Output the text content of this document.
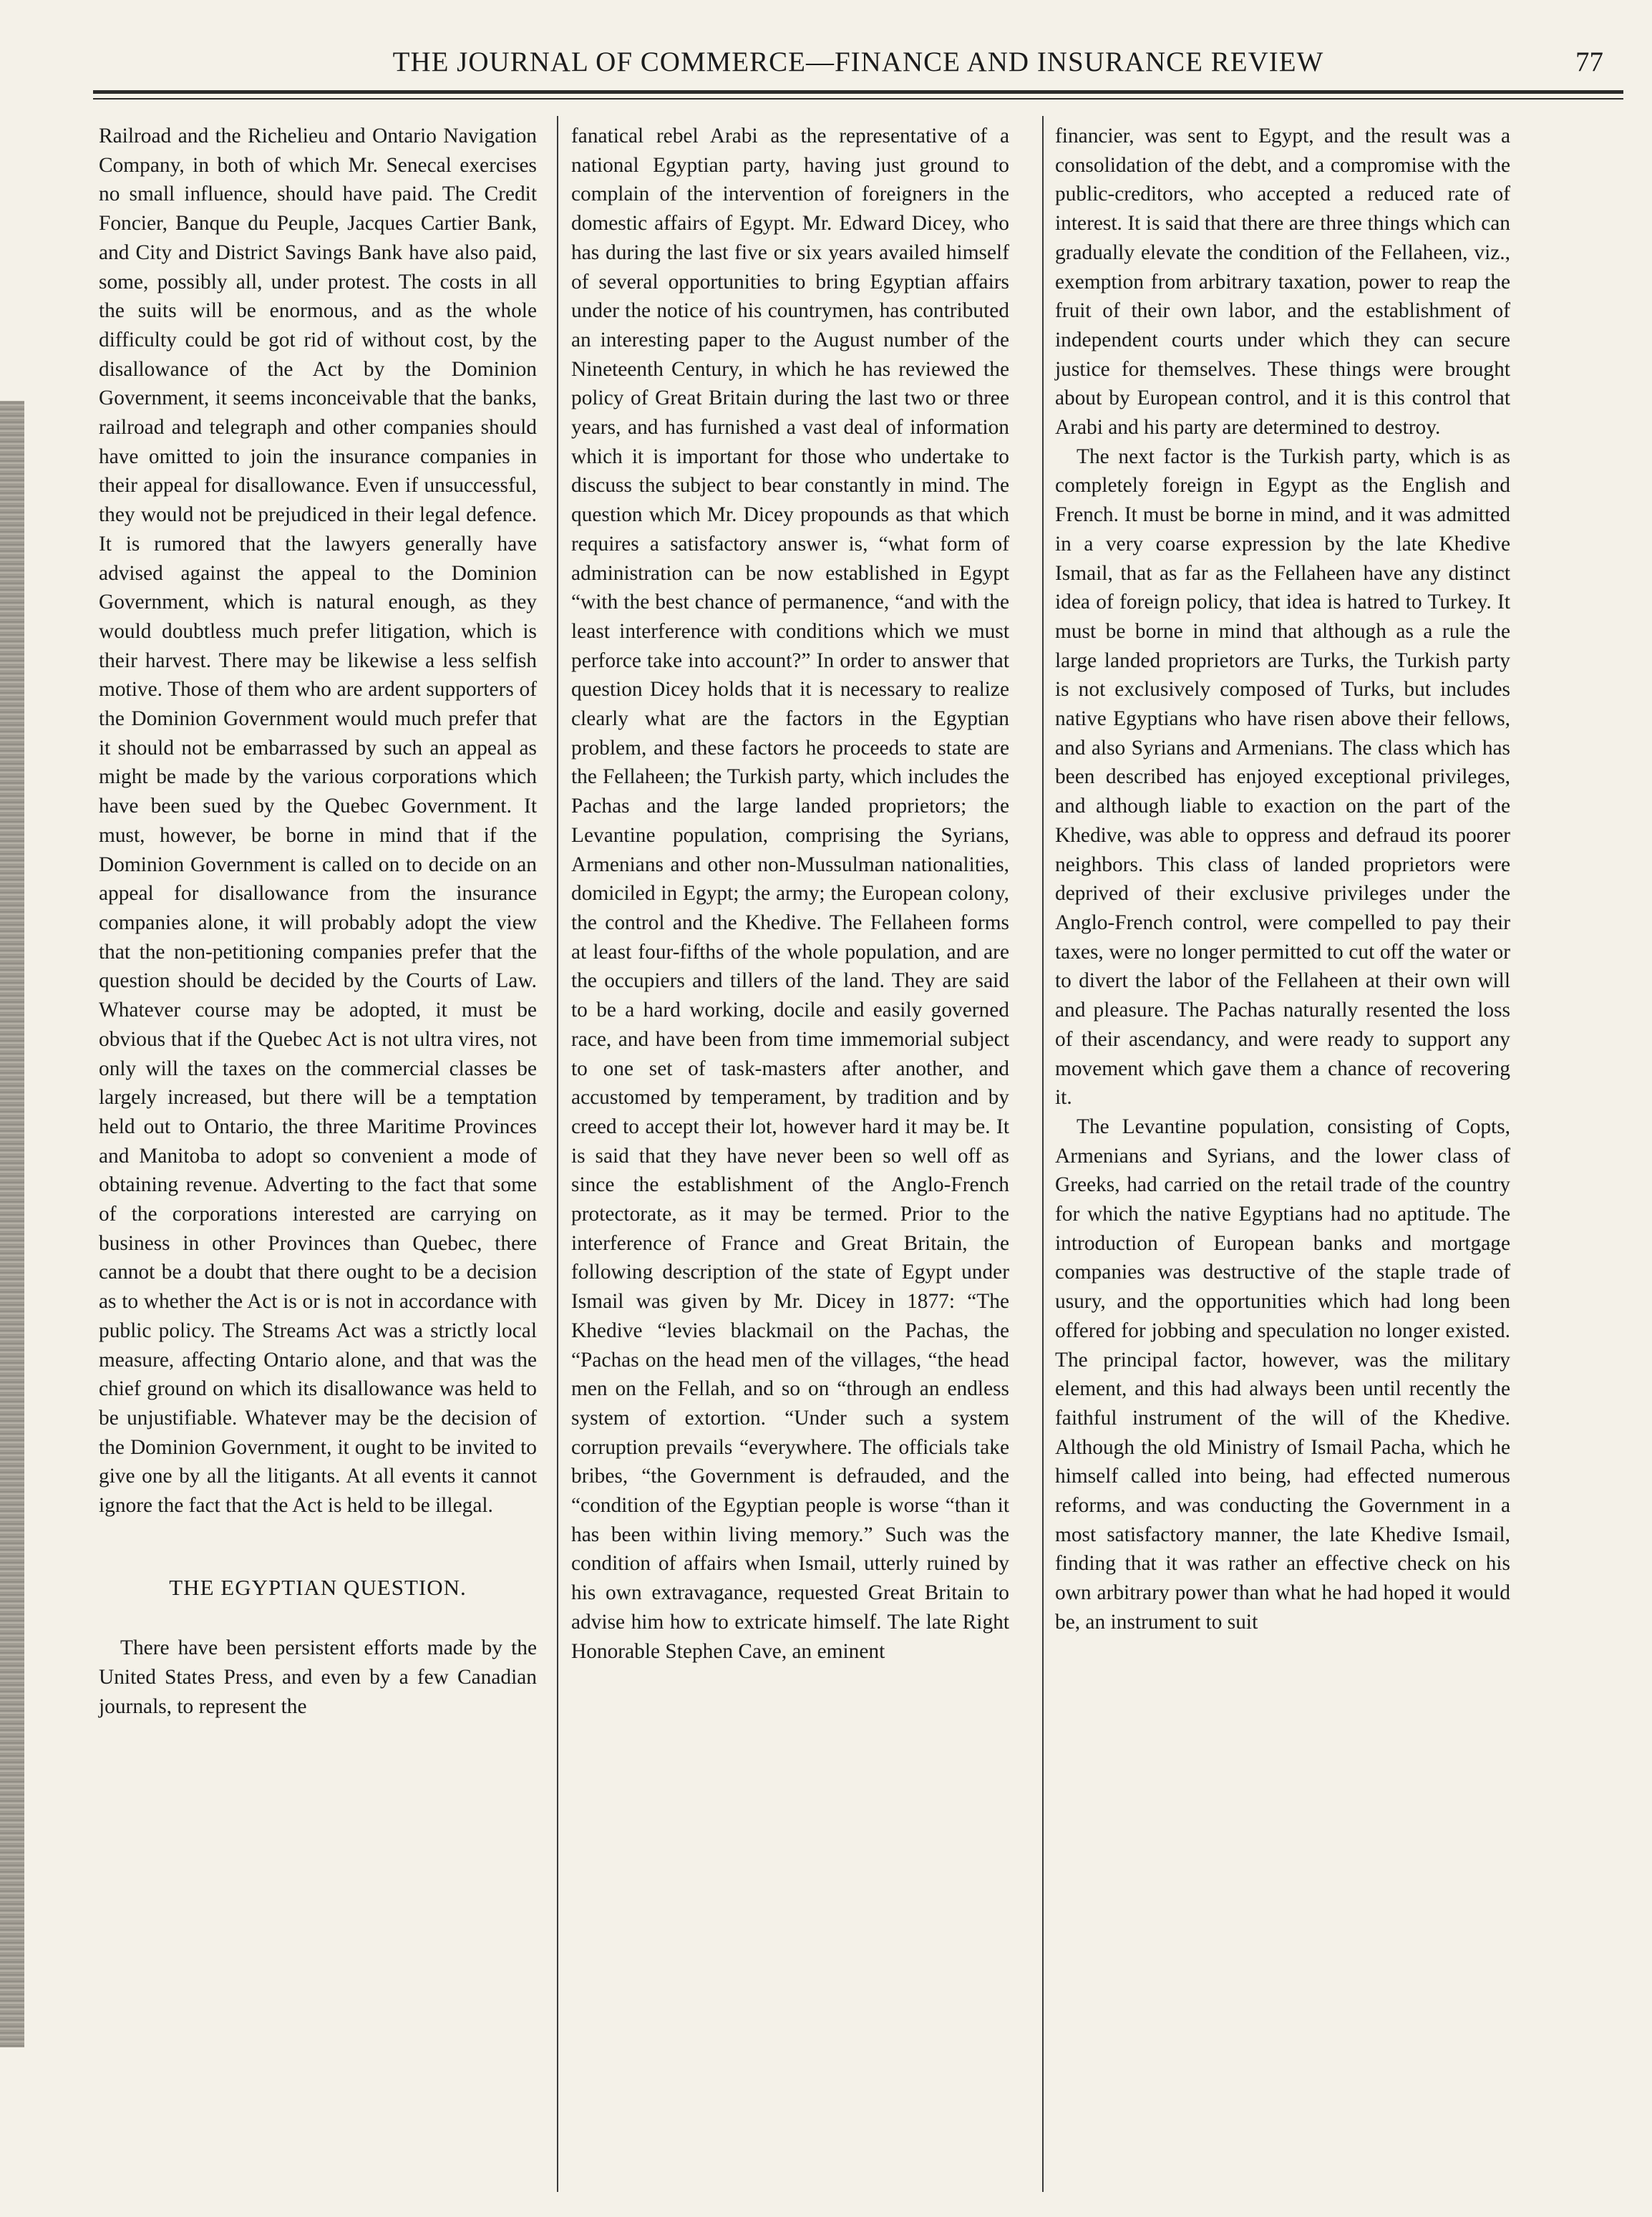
THE JOURNAL OF COMMERCE—FINANCE AND INSURANCE REVIEW	77

Railroad and the Richelieu and Ontario Navigation Company, in both of which Mr. Senecal exercises no small influence, should have paid. The Credit Foncier, Banque du Peuple, Jacques Cartier Bank, and City and District Savings Bank have also paid, some, possibly all, under protest. The costs in all the suits will be enormous, and as the whole difficulty could be got rid of without cost, by the disallowance of the Act by the Dominion Government, it seems inconceivable that the banks, railroad and telegraph and other companies should have omitted to join the insurance companies in their appeal for disallowance. Even if unsuccessful, they would not be prejudiced in their legal defence. It is rumored that the lawyers generally have advised against the appeal to the Dominion Government, which is natural enough, as they would doubtless much prefer litigation, which is their harvest. There may be likewise a less selfish motive. Those of them who are ardent supporters of the Dominion Government would much prefer that it should not be embarrassed by such an appeal as might be made by the various corporations which have been sued by the Quebec Government. It must, however, be borne in mind that if the Dominion Government is called on to decide on an appeal for disallowance from the insurance companies alone, it will probably adopt the view that the non-petitioning companies prefer that the question should be decided by the Courts of Law. Whatever course may be adopted, it must be obvious that if the Quebec Act is not ultra vires, not only will the taxes on the commercial classes be largely increased, but there will be a temptation held out to Ontario, the three Maritime Provinces and Manitoba to adopt so convenient a mode of obtaining revenue. Adverting to the fact that some of the corporations interested are carrying on business in other Provinces than Quebec, there cannot be a doubt that there ought to be a decision as to whether the Act is or is not in accordance with public policy. The Streams Act was a strictly local measure, affecting Ontario alone, and that was the chief ground on which its disallowance was held to be unjustifiable. Whatever may be the decision of the Dominion Government, it ought to be invited to give one by all the litigants. At all events it cannot ignore the fact that the Act is held to be illegal.

THE EGYPTIAN QUESTION.

There have been persistent efforts made by the United States Press, and even by a few Canadian journals, to represent the

fanatical rebel Arabi as the representative of a national Egyptian party, having just ground to complain of the intervention of foreigners in the domestic affairs of Egypt. Mr. Edward Dicey, who has during the last five or six years availed himself of several opportunities to bring Egyptian affairs under the notice of his countrymen, has contributed an interesting paper to the August number of the Nineteenth Century, in which he has reviewed the policy of Great Britain during the last two or three years, and has furnished a vast deal of information which it is important for those who undertake to discuss the subject to bear constantly in mind. The question which Mr. Dicey propounds as that which requires a satisfactory answer is, “what form of administration can be now established in Egypt “with the best chance of permanence, “and with the least interference with conditions which we must perforce take into account?” In order to answer that question Dicey holds that it is necessary to realize clearly what are the factors in the Egyptian problem, and these factors he proceeds to state are the Fellaheen; the Turkish party, which includes the Pachas and the large landed proprietors; the Levantine population, comprising the Syrians, Armenians and other non-Mussulman nationalities, domiciled in Egypt; the army; the European colony, the control and the Khedive. The Fellaheen forms at least four-fifths of the whole population, and are the occupiers and tillers of the land. They are said to be a hard working, docile and easily governed race, and have been from time immemorial subject to one set of task-masters after another, and accustomed by temperament, by tradition and by creed to accept their lot, however hard it may be. It is said that they have never been so well off as since the establishment of the Anglo-French protectorate, as it may be termed. Prior to the interference of France and Great Britain, the following description of the state of Egypt under Ismail was given by Mr. Dicey in 1877: “The Khedive “levies blackmail on the Pachas, the “Pachas on the head men of the villages, “the head men on the Fellah, and so on “through an endless system of extortion. “Under such a system corruption prevails “everywhere. The officials take bribes, “the Government is defrauded, and the “condition of the Egyptian people is worse “than it has been within living memory.” Such was the condition of affairs when Ismail, utterly ruined by his own extravagance, requested Great Britain to advise him how to extricate himself. The late Right Honorable Stephen Cave, an eminent

financier, was sent to Egypt, and the result was a consolidation of the debt, and a compromise with the public-creditors, who accepted a reduced rate of interest. It is said that there are three things which can gradually elevate the condition of the Fellaheen, viz., exemption from arbitrary taxation, power to reap the fruit of their own labor, and the establishment of independent courts under which they can secure justice for themselves. These things were brought about by European control, and it is this control that Arabi and his party are determined to destroy.

The next factor is the Turkish party, which is as completely foreign in Egypt as the English and French. It must be borne in mind, and it was admitted in a very coarse expression by the late Khedive Ismail, that as far as the Fellaheen have any distinct idea of foreign policy, that idea is hatred to Turkey. It must be borne in mind that although as a rule the large landed proprietors are Turks, the Turkish party is not exclusively composed of Turks, but includes native Egyptians who have risen above their fellows, and also Syrians and Armenians. The class which has been described has enjoyed exceptional privileges, and although liable to exaction on the part of the Khedive, was able to oppress and defraud its poorer neighbors. This class of landed proprietors were deprived of their exclusive privileges under the Anglo-French control, were compelled to pay their taxes, were no longer permitted to cut off the water or to divert the labor of the Fellaheen at their own will and pleasure. The Pachas naturally resented the loss of their ascendancy, and were ready to support any movement which gave them a chance of recovering it.

The Levantine population, consisting of Copts, Armenians and Syrians, and the lower class of Greeks, had carried on the retail trade of the country for which the native Egyptians had no aptitude. The introduction of European banks and mortgage companies was destructive of the staple trade of usury, and the opportunities which had long been offered for jobbing and speculation no longer existed. The principal factor, however, was the military element, and this had always been until recently the faithful instrument of the will of the Khedive. Although the old Ministry of Ismail Pacha, which he himself called into being, had effected numerous reforms, and was conducting the Government in a most satisfactory manner, the late Khedive Ismail, finding that it was rather an effective check on his own arbitrary power than what he had hoped it would be, an instrument to suit
